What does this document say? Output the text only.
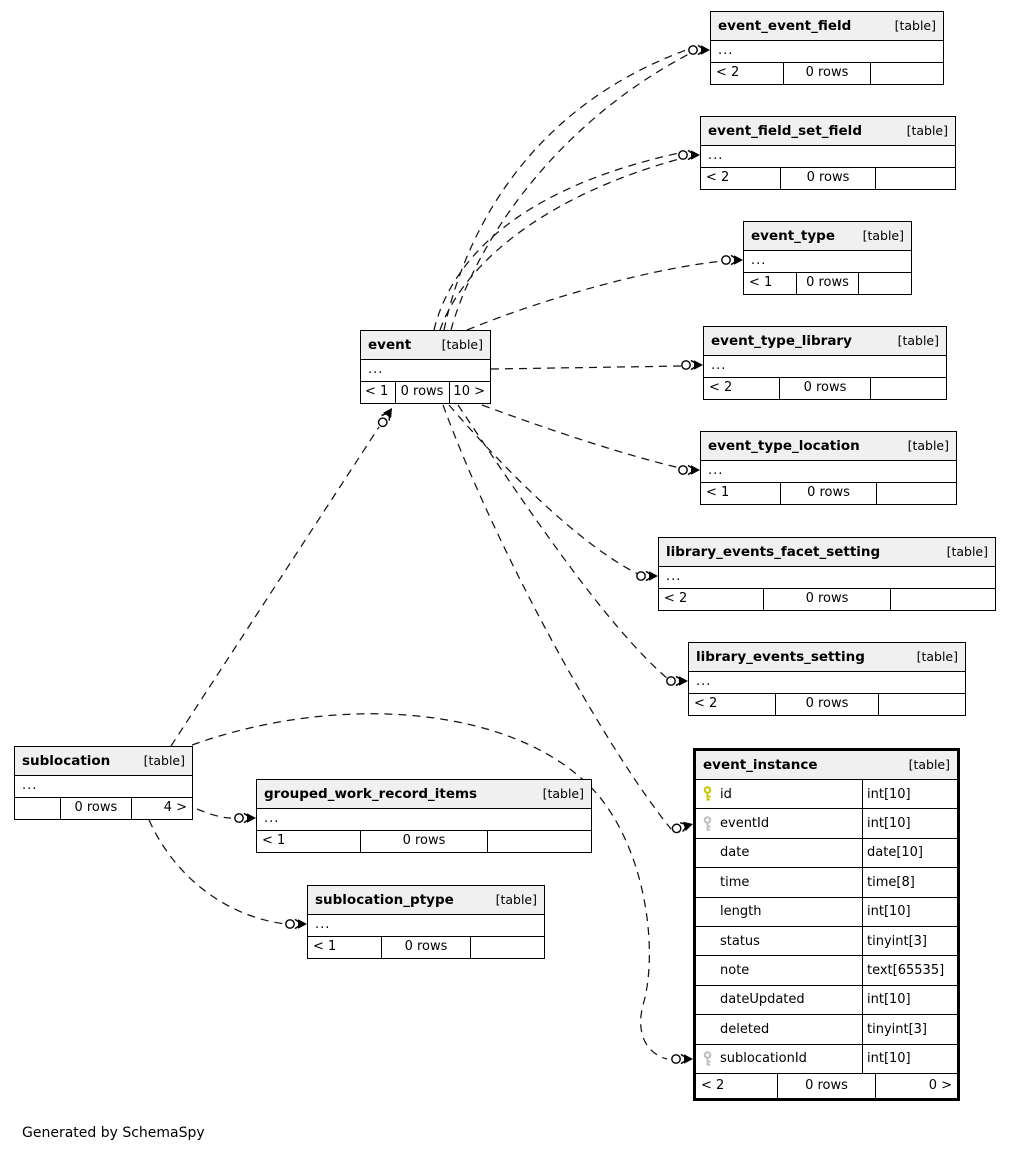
event_event_field	[table]
...
< 2	0 rows
event_field_set_field	[table]
...
< 2	0 rows
event_type [table]
...
< 1	0 rows
event_type_library	[table]
...
< 2	0 rows
event_type_location	[table]
...
< 1	0 rows
library_events_facet_setting	[table]
...
< 2	0 rows
library_events_setting	[table]
...
< 2	0 rows
event [table]
...
< 1 0 rows 10 >
sublocation	[table]
...
0 rows	4 >
grouped_work_record_items	[table]
...
< 1	0 rows
sublocation_ptype	[table]
...
< 1	0 rows
event_instance	[table]
id	int[10]
eventId	int[10]
date	date[10]
time	time[8]
length	int[10]
status	tinyint[3]
note	text[65535]
dateUpdated	int[10]
deleted	tinyint[3]
sublocationId	int[10]
< 2	0 rows	0 >
Generated by SchemaSpy
